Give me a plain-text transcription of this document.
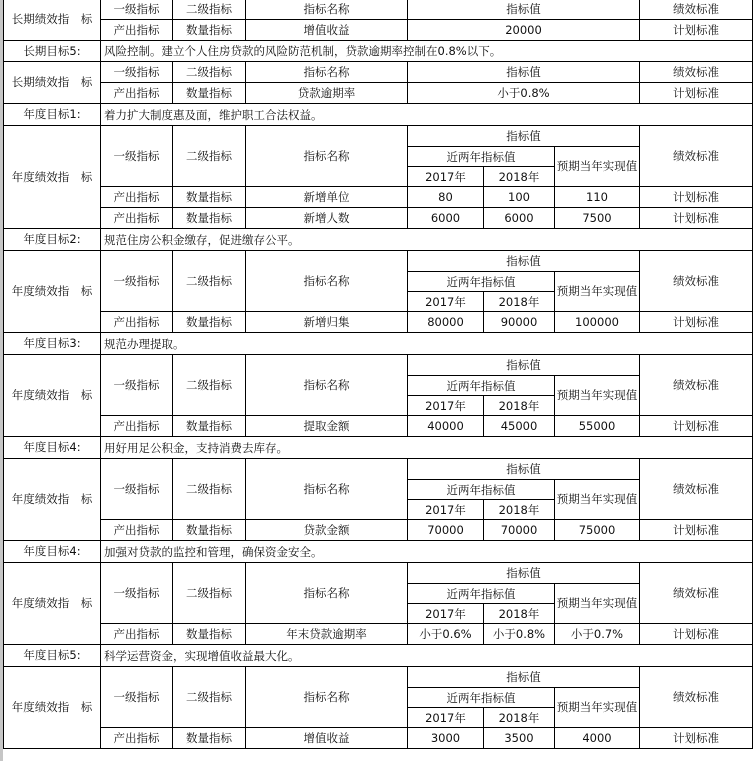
长期绩效指　标	一级指标	二级指标	指标名称	指标值			绩效标准
	产出指标	数量指标	增值收益	20000			计划标准
长期目标5:	风险控制。建立个人住房贷款的风险防范机制，贷款逾期率控制在0.8%以下。						
长期绩效指　标	一级指标	二级指标	指标名称	指标值			绩效标准
	产出指标	数量指标	贷款逾期率	小于0.8%			计划标准
年度目标1:	着力扩大制度惠及面，维护职工合法权益。						
年度绩效指　标	一级指标	二级指标	指标名称	指标值			绩效标准
				近两年指标值		预期当年实现值	
				2017年	2018年		
	产出指标	数量指标	新增单位	80	100	110	计划标准
	产出指标	数量指标	新增人数	6000	6000	7500	计划标准
年度目标2:	规范住房公积金缴存，促进缴存公平。						
年度绩效指　标	一级指标	二级指标	指标名称	指标值			绩效标准
				近两年指标值		预期当年实现值	
				2017年	2018年		
	产出指标	数量指标	新增归集	80000	90000	100000	计划标准
年度目标3:	规范办理提取。						
年度绩效指　标	一级指标	二级指标	指标名称	指标值			绩效标准
				近两年指标值		预期当年实现值	
				2017年	2018年		
	产出指标	数量指标	提取金额	40000	45000	55000	计划标准
年度目标4:	用好用足公积金，支持消费去库存。						
年度绩效指　标	一级指标	二级指标	指标名称	指标值			绩效标准
				近两年指标值		预期当年实现值	
				2017年	2018年		
	产出指标	数量指标	贷款金额	70000	70000	75000	计划标准
年度目标4:	加强对贷款的监控和管理，确保资金安全。						
年度绩效指　标	一级指标	二级指标	指标名称	指标值			绩效标准
				近两年指标值		预期当年实现值	
				2017年	2018年		
	产出指标	数量指标	年末贷款逾期率	小于0.6%	小于0.8%	小于0.7%	计划标准
年度目标5:	科学运营资金，实现增值收益最大化。						
年度绩效指　标	一级指标	二级指标	指标名称	指标值			绩效标准
				近两年指标值		预期当年实现值	
				2017年	2018年		
	产出指标	数量指标	增值收益	3000	3500	4000	计划标准
